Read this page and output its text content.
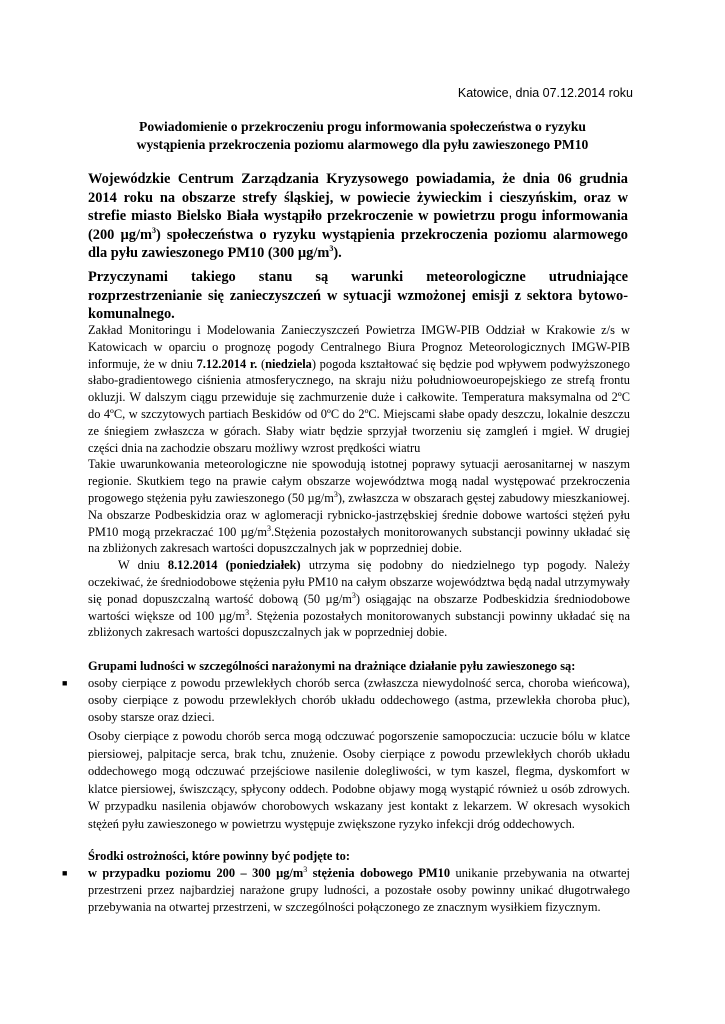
Katowice, dnia 07.12.2014 roku
Powiadomienie o przekroczeniu progu informowania społeczeństwa o ryzyku
wystąpienia przekroczenia poziomu alarmowego dla pyłu zawieszonego PM10
Wojewódzkie Centrum Zarządzania Kryzysowego powiadamia, że dnia 06 grudnia 2014 roku na obszarze strefy śląskiej, w powiecie żywieckim i cieszyńskim, oraz w strefie miasto Bielsko Biała wystąpiło przekroczenie w powietrzu progu informowania (200 $\mu g/m^3$) społeczeństwa o ryzyku wystąpienia przekroczenia poziomu alarmowego dla pyłu zawieszonego PM10 (300 $\mu g/m^3$).
Przyczynami takiego stanu są warunki meteorologiczne utrudniające rozprzestrzenianie się zanieczyszczeń w sytuacji wzmożonej emisji z sektora bytowo-komunalnego.

Zakład Monitoringu i Modelowania Zanieczyszczeń Powietrza IMGW-PIB Oddział w Krakowie z/s w Katowicach w oparciu o prognozę pogody Centralnego Biura Prognoz Meteorologicznych IMGW-PIB informuje, że w dniu 7.12.2014 r. (niedziela) pogoda kształtować się będzie pod wpływem podwyższonego słabo-gradientowego ciśnienia atmosferycznego, na skraju niżu południowoeuropejskiego ze strefą frontu okluzji. W dalszym ciągu przewiduje się zachmurzenie duże i całkowite. Temperatura maksymalna od 2ºC do 4ºC, w szczytowych partiach Beskidów od 0ºC do 2ºC. Miejscami słabe opady deszczu, lokalnie deszczu ze śniegiem zwłaszcza w górach. Słaby wiatr będzie sprzyjał tworzeniu się zamgleń i mgieł. W drugiej części dnia na zachodzie obszaru możliwy wzrost prędkości wiatru

Takie uwarunkowania meteorologiczne nie spowodują istotnej poprawy sytuacji aerosanitarnej w naszym regionie. Skutkiem tego na prawie całym obszarze województwa mogą nadal występować przekroczenia progowego stężenia pyłu zawieszonego (50 $\mu g/m^3$), zwłaszcza w obszarach gęstej zabudowy mieszkaniowej. Na obszarze Podbeskidzia oraz w aglomeracji rybnicko-jastrzębskiej średnie dobowe wartości stężeń pyłu PM10 mogą przekraczać 100 $\mu g/m^3.Stężenia$ pozostałych monitorowanych substancji powinny układać się na zbliżonych zakresach wartości dopuszczalnych jak w poprzedniej dobie.

W dniu 8.12.2014 (poniedziałek) utrzyma się podobny do niedzielnego typ pogody. Należy oczekiwać, że średniodobowe stężenia pyłu PM10 na całym obszarze województwa będą nadal utrzymywały się ponad dopuszczalną wartość dobową (50 $\mu g/m^3$) osiągając na obszarze Podbeskidzia średniodobowe wartości większe od 100 $\mu g/m^3$. Stężenia pozostałych monitorowanych substancji powinny układać się na zbliżonych zakresach wartości dopuszczalnych jak w poprzedniej dobie.

Grupami ludności w szczególności narażonymi na drażniące działanie pyłu zawieszonego są:
■	osoby cierpiące z powodu przewlekłych chorób serca (zwłaszcza niewydolność serca, choroba wieńcowa), osoby cierpiące z powodu przewlekłych chorób układu oddechowego (astma, przewlekła choroba płuc), osoby starsze oraz dzieci.
Osoby cierpiące z powodu chorób serca mogą odczuwać pogorszenie samopoczucia: uczucie bólu w klatce piersiowej, palpitacje serca, brak tchu, znużenie. Osoby cierpiące z powodu przewlekłych chorób układu oddechowego mogą odczuwać przejściowe nasilenie dolegliwości, w tym kaszel, flegma, dyskomfort w klatce piersiowej, świszczący, spłycony oddech. Podobne objawy mogą wystąpić również u osób zdrowych. W przypadku nasilenia objawów chorobowych wskazany jest kontakt z lekarzem. W okresach wysokich stężeń pyłu zawieszonego w powietrzu występuje zwiększone ryzyko infekcji dróg oddechowych.
Środki ostrożności, które powinny być podjęte to:
■	w przypadku poziomu 200 – 300 $\mu g/m^3$ stężenia dobowego PM10 unikanie przebywania na otwartej przestrzeni przez najbardziej narażone grupy ludności, a pozostałe osoby powinny unikać długotrwałego przebywania na otwartej przestrzeni, w szczególności połączonego ze znacznym wysiłkiem fizycznym.
